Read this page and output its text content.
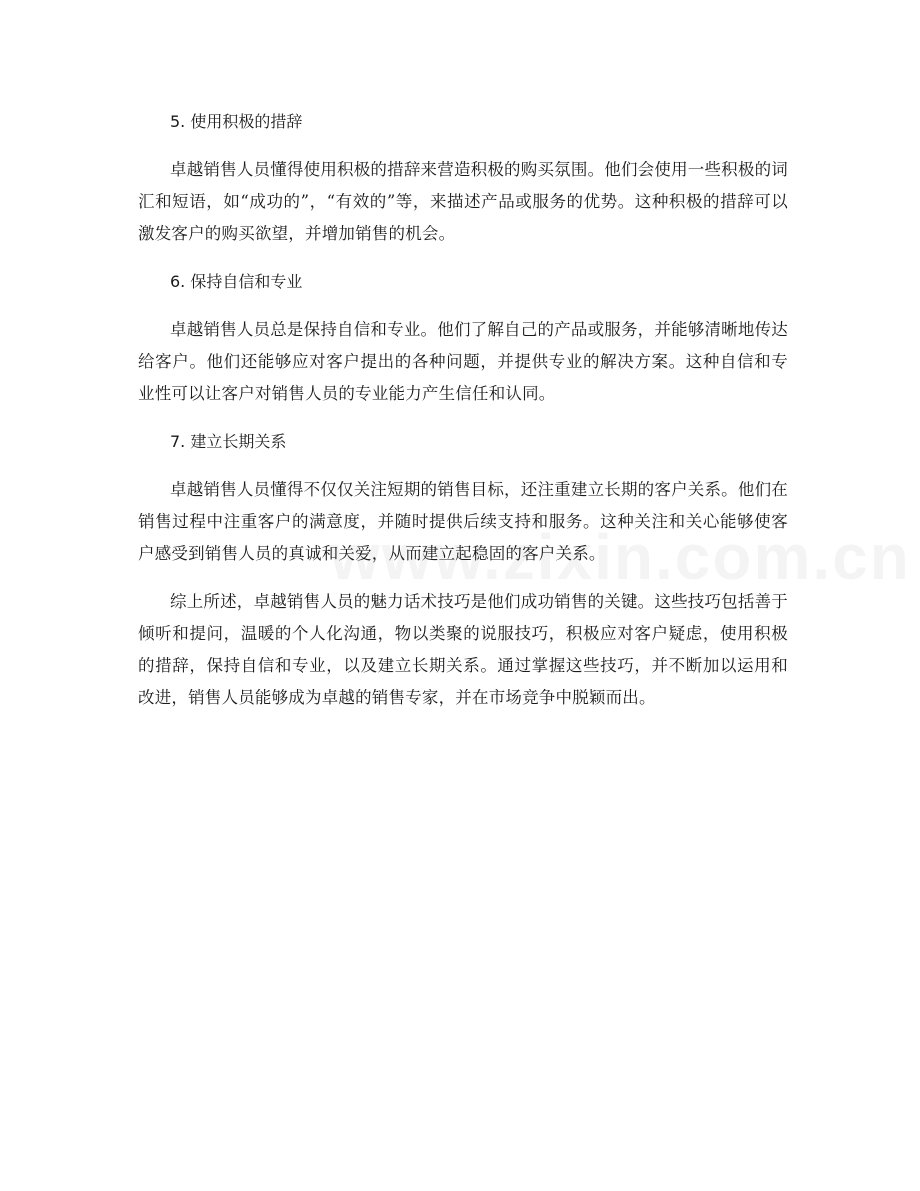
5. 使用积极的措辞

卓越销售人员懂得使用积极的措辞来营造积极的购买氛围。他们会使用一些积极的词汇和短语，如“成功的”，“有效的”等，来描述产品或服务的优势。这种积极的措辞可以激发客户的购买欲望，并增加销售的机会。

6. 保持自信和专业

卓越销售人员总是保持自信和专业。他们了解自己的产品或服务，并能够清晰地传达给客户。他们还能够应对客户提出的各种问题，并提供专业的解决方案。这种自信和专业性可以让客户对销售人员的专业能力产生信任和认同。

7. 建立长期关系

卓越销售人员懂得不仅仅关注短期的销售目标，还注重建立长期的客户关系。他们在销售过程中注重客户的满意度，并随时提供后续支持和服务。这种关注和关心能够使客户感受到销售人员的真诚和关爱，从而建立起稳固的客户关系。

综上所述，卓越销售人员的魅力话术技巧是他们成功销售的关键。这些技巧包括善于倾听和提问，温暖的个人化沟通，物以类聚的说服技巧，积极应对客户疑虑，使用积极的措辞，保持自信和专业，以及建立长期关系。通过掌握这些技巧，并不断加以运用和改进，销售人员能够成为卓越的销售专家，并在市场竞争中脱颖而出。
